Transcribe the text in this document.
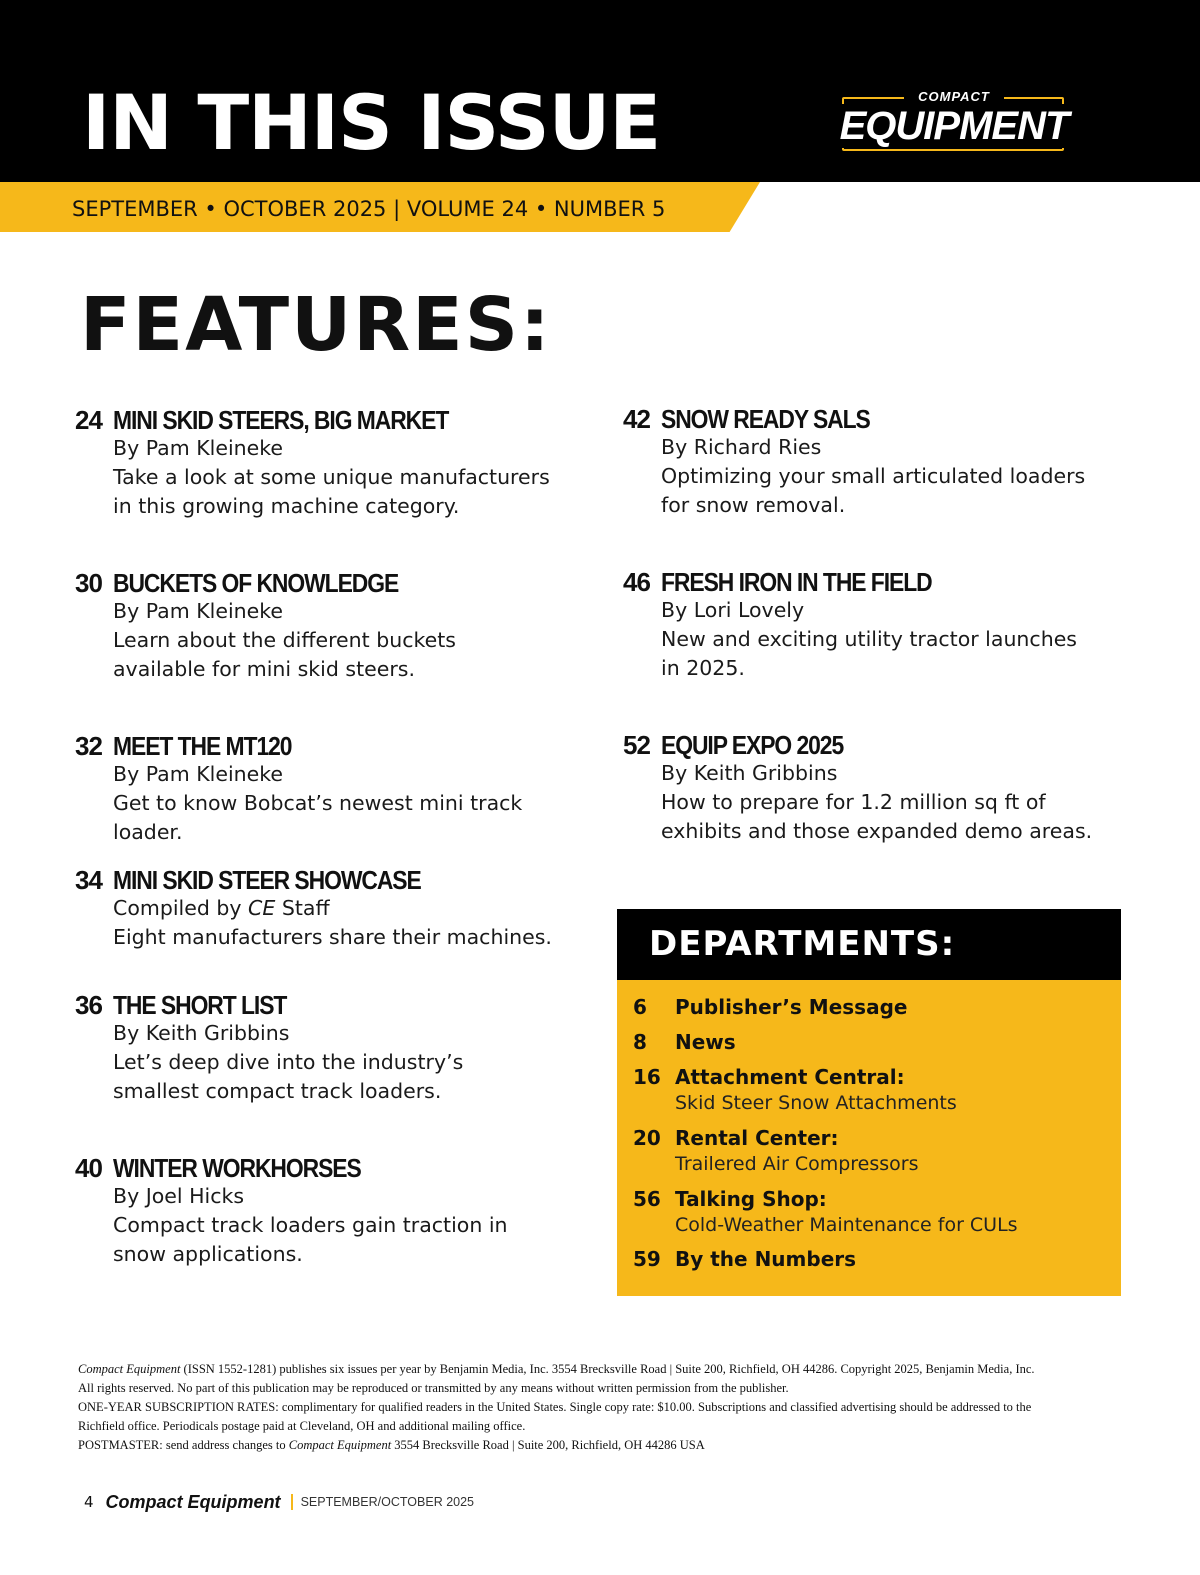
IN THIS ISSUE	COMPACT
EQUIPMENT

SEPTEMBER • OCTOBER 2025 | VOLUME 24 • NUMBER 5

FEATURES:
24 MINI SKID STEERS, BIG MARKET

By Pam Kleineke

Take a look at some unique manufacturers in this growing machine category.

30 BUCKETS OF KNOWLEDGE

By Pam Kleineke

Learn about the different buckets available for mini skid steers.

32 MEET THE MT120

By Pam Kleineke

Get to know Bobcat’s newest mini track loader.

34 MINI SKID STEER SHOWCASE

Compiled by CE Staff

Eight manufacturers share their machines.

36 THE SHORT LIST

By Keith Gribbins

Let’s deep dive into the industry’s smallest compact track loaders.

40 WINTER WORKHORSES

By Joel Hicks

Compact track loaders gain traction in snow applications.

42 SNOW READY SALS

By Richard Ries

Optimizing your small articulated loaders for snow removal.

46 FRESH IRON IN THE FIELD

By Lori Lovely

New and exciting utility tractor launches in 2025.

52 EQUIP EXPO 2025

By Keith Gribbins

How to prepare for 1.2 million sq ft of exhibits and those expanded demo areas.

DEPARTMENTS:
6 Publisher’s Message
8 News
16 Attachment Central:
Skid Steer Snow Attachments
20 Rental Center:
Trailered Air Compressors
56 Talking Shop:
Cold-Weather Maintenance for CULs
59 By the Numbers

Compact Equipment (ISSN 1552-1281) publishes six issues per year by Benjamin Media, Inc. 3554 Brecksville Road | Suite 200, Richfield, OH 44286. Copyright 2025, Benjamin Media, Inc. All rights reserved. No part of this publication may be reproduced or transmitted by any means without written permission from the publisher.

ONE-YEAR SUBSCRIPTION RATES: complimentary for qualified readers in the United States. Single copy rate: $10.00. Subscriptions and classified advertising should be addressed to the Richfield office. Periodicals postage paid at Cleveland, OH and additional mailing office.

POSTMASTER: send address changes to Compact Equipment 3554 Brecksville Road | Suite 200, Richfield, OH 44286 USA

4 Compact Equipment SEPTEMBER/OCTOBER 2025
